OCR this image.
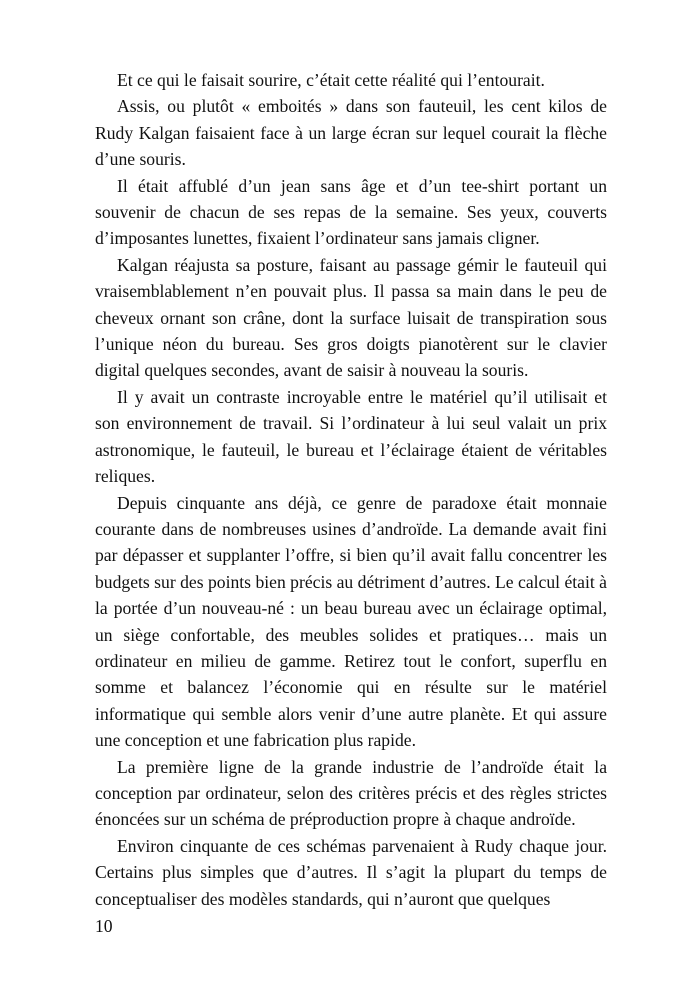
Et ce qui le faisait sourire, c’était cette réalité qui l’entourait.

Assis, ou plutôt « emboités » dans son fauteuil, les cent kilos de Rudy Kalgan faisaient face à un large écran sur lequel courait la flèche d’une souris.

Il était affublé d’un jean sans âge et d’un tee-shirt portant un souvenir de chacun de ses repas de la semaine. Ses yeux, couverts d’imposantes lunettes, fixaient l’ordinateur sans jamais cligner.

Kalgan réajusta sa posture, faisant au passage gémir le fauteuil qui vraisemblablement n’en pouvait plus. Il passa sa main dans le peu de cheveux ornant son crâne, dont la surface luisait de transpiration sous l’unique néon du bureau. Ses gros doigts pianotèrent sur le clavier digital quelques secondes, avant de saisir à nouveau la souris.

Il y avait un contraste incroyable entre le matériel qu’il utilisait et son environnement de travail. Si l’ordinateur à lui seul valait un prix astronomique, le fauteuil, le bureau et l’éclairage étaient de véritables reliques.

Depuis cinquante ans déjà, ce genre de paradoxe était monnaie courante dans de nombreuses usines d’androïde. La demande avait fini par dépasser et supplanter l’offre, si bien qu’il avait fallu concentrer les budgets sur des points bien précis au détriment d’autres. Le calcul était à la portée d’un nouveau-né : un beau bureau avec un éclairage optimal, un siège confortable, des meubles solides et pratiques… mais un ordinateur en milieu de gamme. Retirez tout le confort, superflu en somme et balancez l’économie qui en résulte sur le matériel informatique qui semble alors venir d’une autre planète. Et qui assure une conception et une fabrication plus rapide.

La première ligne de la grande industrie de l’androïde était la conception par ordinateur, selon des critères précis et des règles strictes énoncées sur un schéma de préproduction propre à chaque androïde.

Environ cinquante de ces schémas parvenaient à Rudy chaque jour. Certains plus simples que d’autres. Il s’agit la plupart du temps de conceptualiser des modèles standards, qui n’auront que quelques

10
